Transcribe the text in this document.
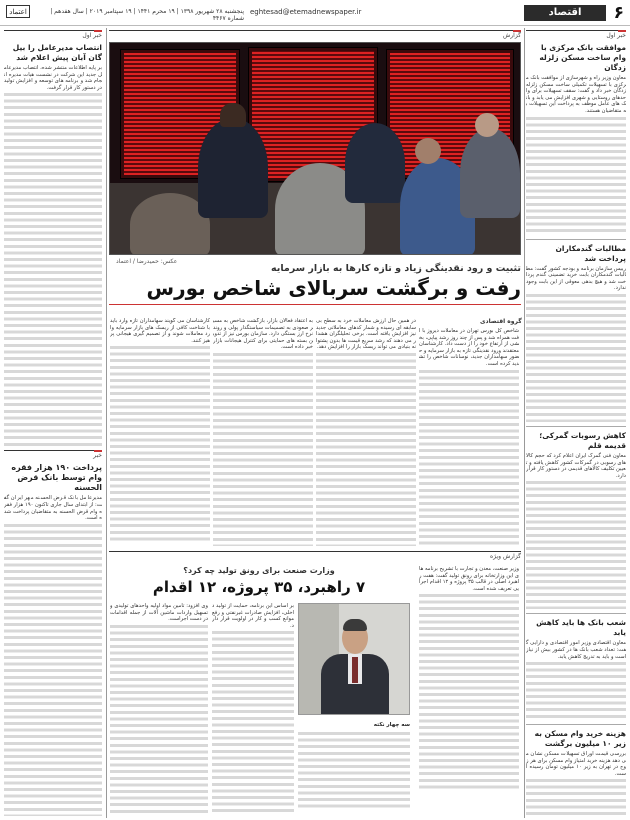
۶
اقتصاد
eghtesad@etemadnewspaper.ir
پنجشنبه ۲۸ شهریور ۱۳۹۸ | ۱۹ محرم ۱۴۴۱ | ۱۹ سپتامبر ۲۰۱۹ | سال هفدهم | شماره ۴۴۶۷
اعتماد
خبر اول
موافقت بانک مرکزی با وام ساخت مسکن زلزله زدگان
معاون وزیر راه و شهرسازی از موافقت بانک مرکزی با تسهیلات تکمیلی ساخت مسکن زلزله زدگان خبر داد و گفت: سقف تسهیلات برای واحدهای روستایی و شهری افزایش می یابد و بانک های عامل موظف به پرداخت این تسهیلات به متقاضیان هستند.
مطالبات گندمکاران پرداخت شد
رییس سازمان برنامه و بودجه کشور گفت: مطالبات گندمکاران بابت خرید تضمینی گندم پرداخت شد و هیچ بدهی معوقی از این بابت وجود ندارد.
کاهش رسوبات گمرکی؛ قدیمه قلم
معاون فنی گمرک ایران اعلام کرد که حجم کالاهای رسوبی در گمرکات کشور کاهش یافته و تعیین تکلیف کالاهای قدیمی در دستور کار قرار دارد.
شعب بانک ها باید کاهش یابد
معاون اقتصادی وزیر امور اقتصادی و دارایی گفت: تعداد شعب بانک ها در کشور بیش از نیاز است و باید به تدریج کاهش یابد.
هزینه خرید وام مسکن به زیر ۱۰ میلیون برگشت
بررسی قیمت اوراق تسهیلات مسکن نشان می دهد هزینه خرید امتیاز وام مسکن برای هر زوج در تهران به زیر ۱۰ میلیون تومان رسیده است.
خبر اول
انتصاب مدیرعامل را بیل گان آبان پیش اعلام شد
بر پایه اطلاعات منتشر شده، انتصاب مدیرعامل جدید این شرکت در نشست هیات مدیره انجام شد و برنامه های توسعه و افزایش تولید در دستور کار قرار گرفت.
خبر
پرداخت ۱۹۰ هزار فقره وام توسط بانک قرض الحسنه
مدیرعامل بانک قرض الحسنه مهر ایران گفت: از ابتدای سال جاری تاکنون ۱۹۰ هزار فقره وام قرض الحسنه به متقاضیان پرداخت شده است.
گزارش
عکس: حمیدرضا / اعتماد
تثبیت و رود نقدینگی زیاد و تازه کارها به بازار سرمایه
رفت و برگشت سربالای شاخص بورس
گروه اقتصادی
شاخص کل بورس تهران در معاملات دیروز با افت همراه شد و پس از چند روز رشد پیاپی، بخشی از ارتفاع خود را از دست داد. کارشناسان معتقدند ورود نقدینگی تازه به بازار سرمایه و حضور سهامداران جدید، نوسانات شاخص را تشدید کرده است.
در همین حال ارزش معاملات خرد به سطح بی سابقه ای رسیده و شمار کدهای معاملاتی جدید نیز افزایش یافته است. برخی تحلیلگران هشدار می دهند که رشد سریع قیمت ها بدون پشتوانه بنیادی می تواند ریسک بازار را افزایش دهد.
به اعتقاد فعالان بازار، بازگشت شاخص به مسیر صعودی به تصمیمات سیاستگذار پولی و روند نرخ ارز بستگی دارد. سازمان بورس نیز از تدوین بسته های حمایتی برای کنترل هیجانات بازار خبر داده است.
کارشناسان می گویند سهامداران تازه وارد باید با شناخت کافی از ریسک های بازار سرمایه وارد معاملات شوند و از تصمیم گیری هیجانی پرهیز کنند.
گزارش ویژه
وزارت صنعت برای رونق تولید چه کرد؟
۷ راهبرد، ۳۵ پروژه، ۱۲ اقدام
وزیر صنعت، معدن و تجارت با تشریح برنامه های این وزارتخانه برای رونق تولید گفت: هفت راهبرد اصلی در قالب ۳۵ پروژه و ۱۲ اقدام اجرایی تعریف شده است.
بر اساس این برنامه، حمایت از تولید داخلی، افزایش صادرات غیرنفتی و رفع موانع کسب و کار در اولویت قرار دارد.
وی افزود: تامین مواد اولیه واحدهای تولیدی و تسهیل واردات ماشین آلات از جمله اقدامات در دست اجراست.
سه چهار نکته
